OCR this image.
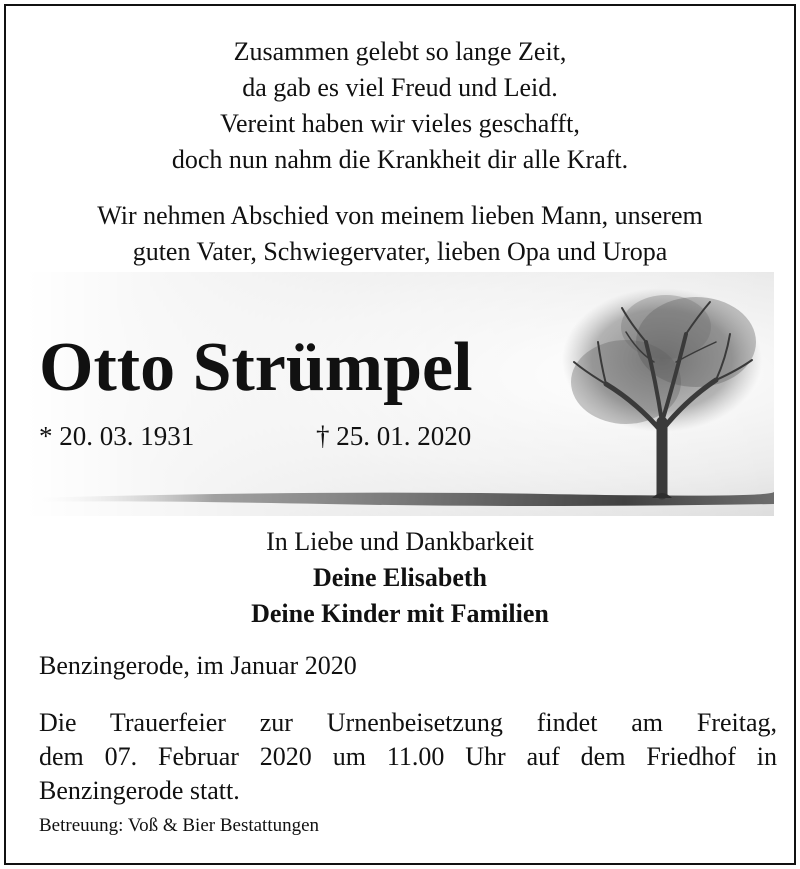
Zusammen gelebt so lange Zeit,
da gab es viel Freud und Leid.
Vereint haben wir vieles geschafft,
doch nun nahm die Krankheit dir alle Kraft.
Wir nehmen Abschied von meinem lieben Mann, unserem
guten Vater, Schwiegervater, lieben Opa und Uropa
Otto Strümpel
* 20. 03. 1931	† 25. 01. 2020
In Liebe und Dankbarkeit
Deine Elisabeth
Deine Kinder mit Familien
Benzingerode, im Januar 2020
Die Trauerfeier zur Urnenbeisetzung findet am Freitag,
dem 07. Februar 2020 um 11.00 Uhr auf dem Friedhof in
Benzingerode statt.
Betreuung: Voß & Bier Bestattungen
